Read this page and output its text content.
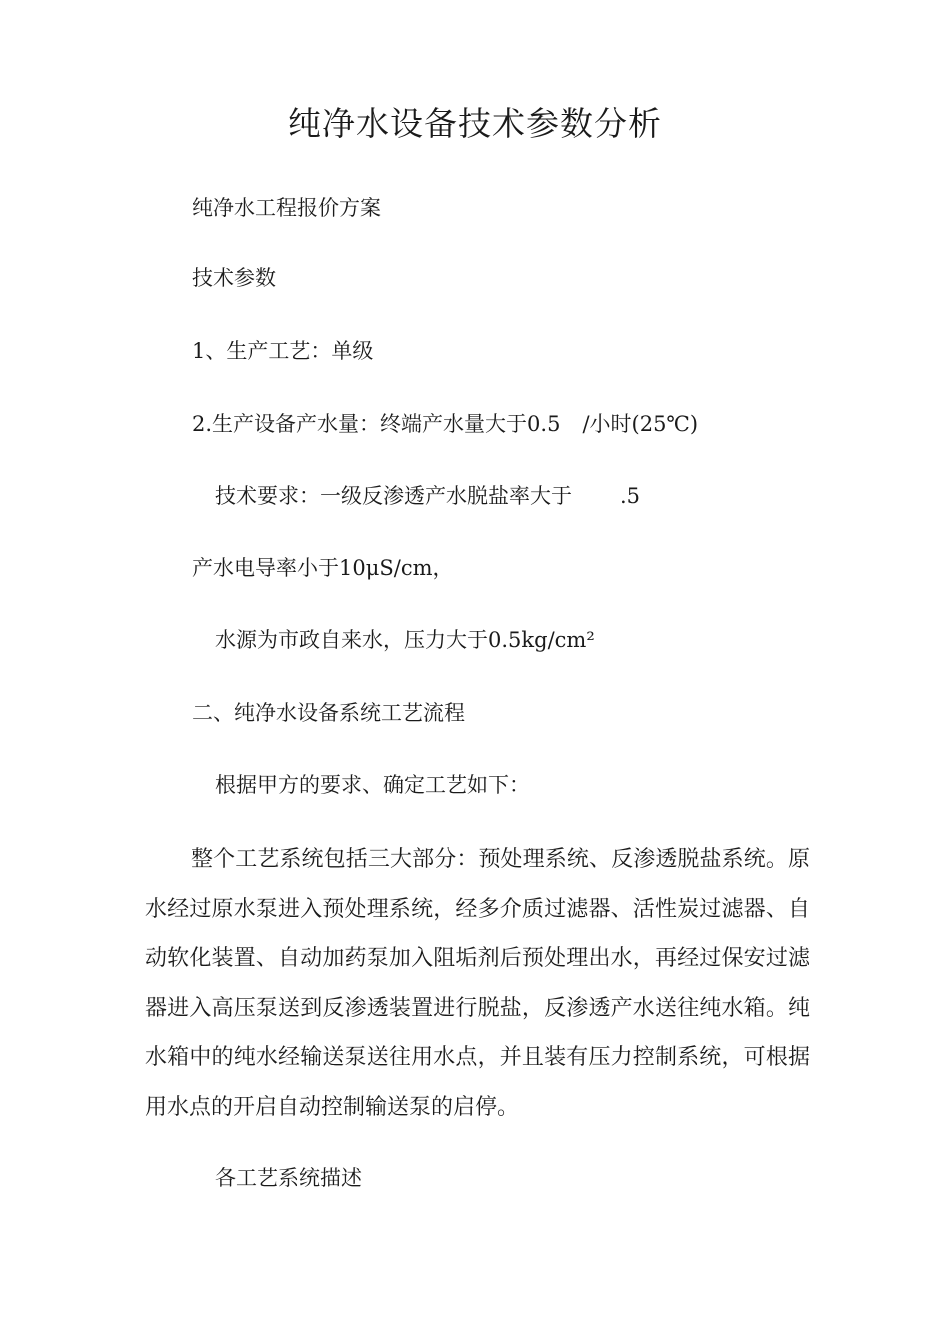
纯净水设备技术参数分析
纯净水工程报价方案
技术参数
1、生产工艺：单级
2.生产设备产水量：终端产水量大于0.5 /小时(25℃)
技术要求：一级反渗透产水脱盐率大于 .5
产水电导率小于10μS/cm，
水源为市政自来水，压力大于0.5kg/cm²
二、纯净水设备系统工艺流程
根据甲方的要求、确定工艺如下：
整个工艺系统包括三大部分：预处理系统、反渗透脱盐系统。原水经过原水泵进入预处理系统，经多介质过滤器、活性炭过滤器、自动软化装置、自动加药泵加入阻垢剂后预处理出水，再经过保安过滤器进入高压泵送到反渗透装置进行脱盐，反渗透产水送往纯水箱。纯水箱中的纯水经输送泵送往用水点，并且装有压力控制系统，可根据用水点的开启自动控制输送泵的启停。
各工艺系统描述
